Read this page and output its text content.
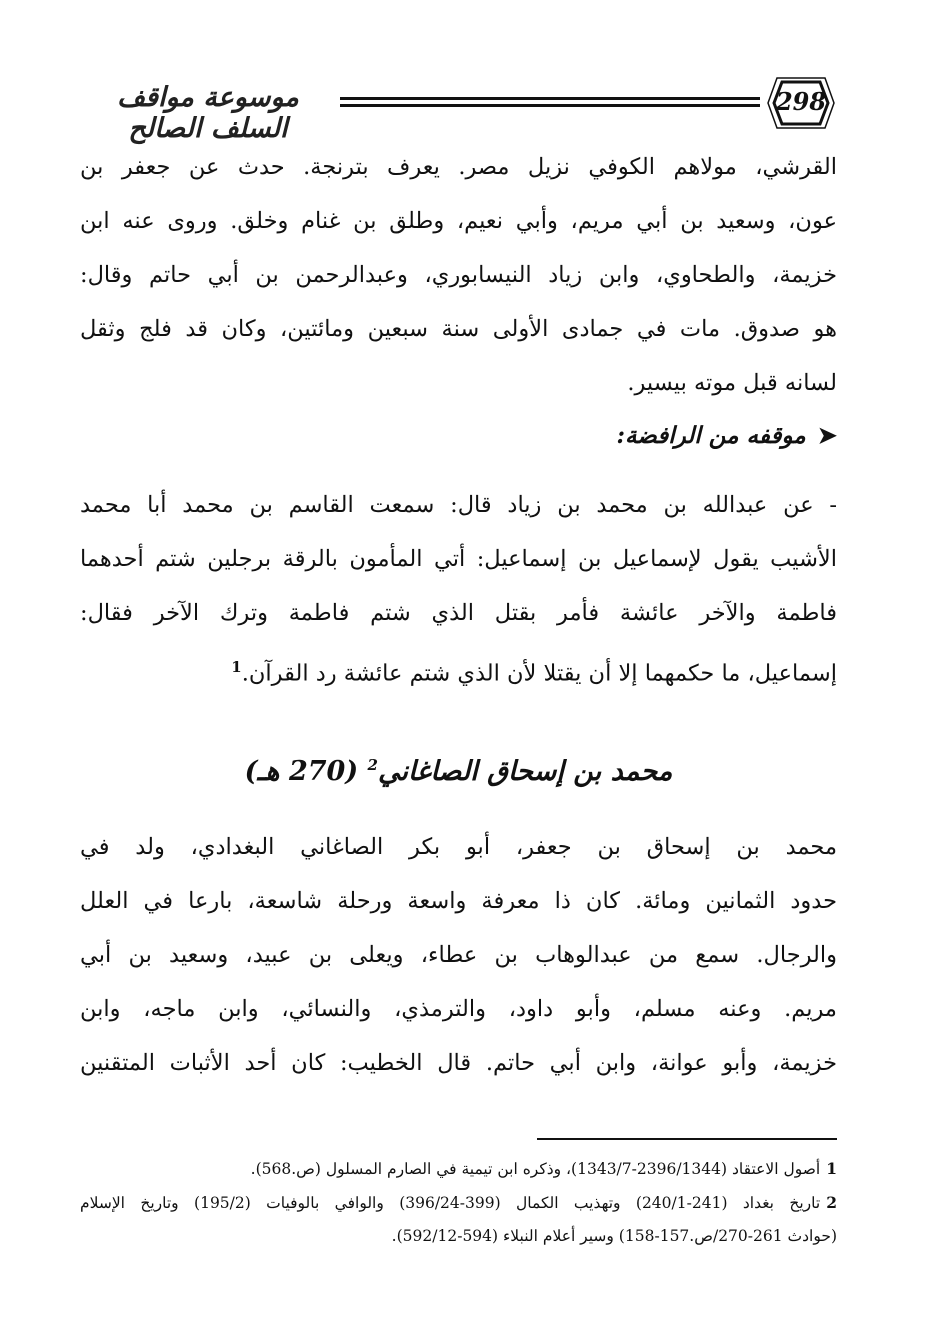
موسوعة مواقف السلف الصالح
298
القرشي، مولاهم الكوفي نزيل مصر. يعرف بترنجة. حدث عن جعفر بن
عون، وسعيد بن أبي مريم، وأبي نعيم، وطلق بن غنام وخلق. وروى عنه ابن
خزيمة، والطحاوي، وابن زياد النيسابوري، وعبدالرحمن بن أبي حاتم وقال:
هو صدوق. مات في جمادى الأولى سنة سبعين ومائتين، وكان قد فلج وثقل
لسانه قبل موته بيسير.
➤موقفه من الرافضة:
- عن عبدالله بن محمد بن زياد قال: سمعت القاسم بن محمد أبا محمد
الأشيب يقول لإسماعيل بن إسماعيل: أتي المأمون بالرقة برجلين شتم أحدهما
فاطمة والآخر عائشة فأمر بقتل الذي شتم فاطمة وترك الآخر فقال:
إسماعيل، ما حكمهما إلا أن يقتلا لأن الذي شتم عائشة رد القرآن.$^1$
محمد بن إسحاق الصاغاني$^2$ (270 هـ)
محمد بن إسحاق بن جعفر، أبو بكر الصاغاني البغدادي، ولد في
حدود الثمانين ومائة. كان ذا معرفة واسعة ورحلة شاسعة، بارعا في العلل
والرجال. سمع من عبدالوهاب بن عطاء، ويعلى بن عبيد، وسعيد بن أبي
مريم. وعنه مسلم، وأبو داود، والترمذي، والنسائي، وابن ماجه، وابن
خزيمة، وأبو عوانة، وابن أبي حاتم. قال الخطيب: كان أحد الأثبات المتقنين
1أصول الاعتقاد (2396/1344-1343/7)، وذكره ابن تيمية في الصارم المسلول (ص.568).
2تاريخ بغداد (241-240/1) وتهذيب الكمال (399-396/24) والوافي بالوفيات (195/2) وتاريخ الإسلام
(حوادث 261-270/ص.157-158) وسير أعلام النبلاء (594-592/12).
